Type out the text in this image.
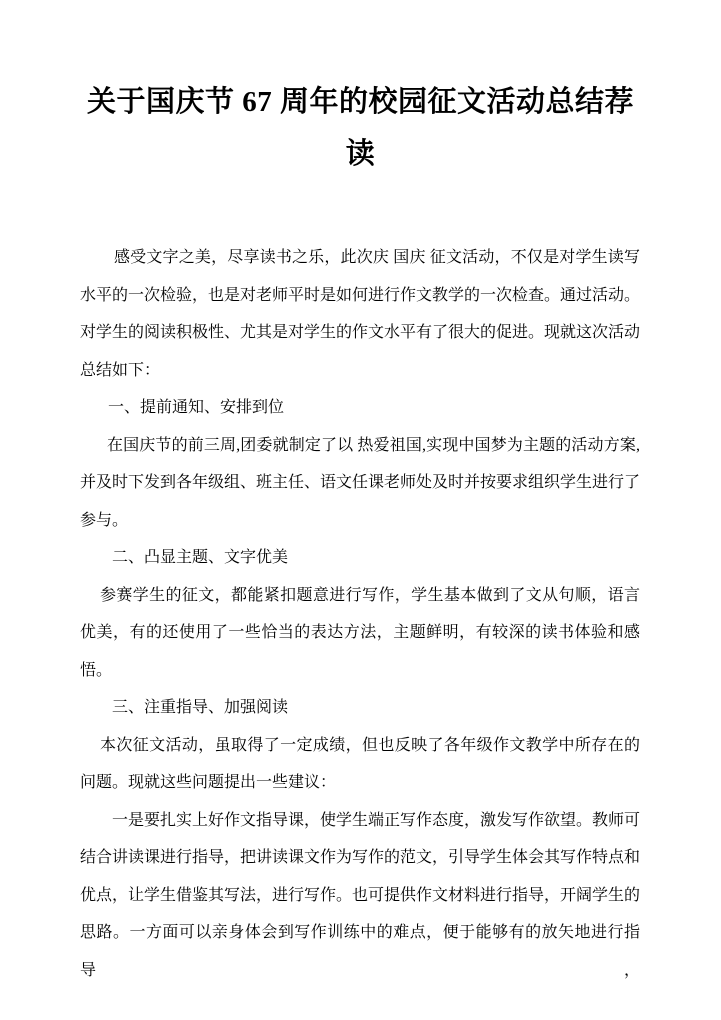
关于国庆节 67 周年的校园征文活动总结荐读

感受文字之美，尽享读书之乐，此次庆 国庆 征文活动，不仅是对学生读写水平的一次检验，也是对老师平时是如何进行作文教学的一次检查。通过活动。对学生的阅读积极性、尤其是对学生的作文水平有了很大的促进。现就这次活动总结如下：

一、提前通知、安排到位

在国庆节的前三周,团委就制定了以 热爱祖国,实现中国梦为主题的活动方案,并及时下发到各年级组、班主任、语文任课老师处及时并按要求组织学生进行了参与。

二、凸显主题、文字优美

参赛学生的征文，都能紧扣题意进行写作，学生基本做到了文从句顺，语言优美，有的还使用了一些恰当的表达方法，主题鲜明，有较深的读书体验和感悟。

三、注重指导、加强阅读

本次征文活动，虽取得了一定成绩，但也反映了各年级作文教学中所存在的问题。现就这些问题提出一些建议：

一是要扎实上好作文指导课，使学生端正写作态度，激发写作欲望。教师可结合讲读课进行指导，把讲读课文作为写作的范文，引导学生体会其写作特点和优点，让学生借鉴其写法，进行写作。也可提供作文材料进行指导，开阔学生的思路。一方面可以亲身体会到写作训练中的难点，便于能够有的放矢地进行指导，
